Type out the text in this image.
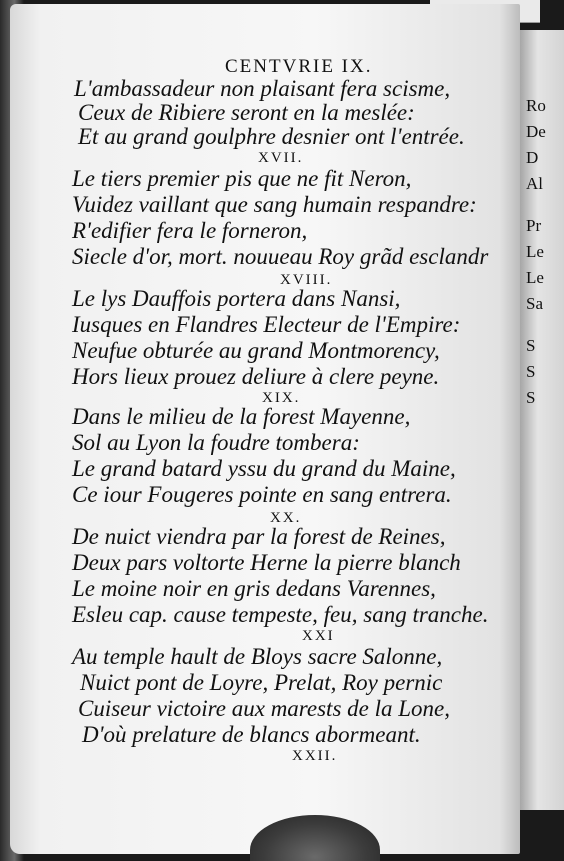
Ro
De
D
Al
Pr
Le
Le
Sa
S
S
S
CENTVRIE IX.
L'ambassadeur non plaisant fera scisme,
Ceux de Ribiere seront en la meslée:
Et au grand goulphre desnier ont l'entrée.
XVII.
Le tiers premier pis que ne fit Neron,
Vuidez vaillant que sang humain respandre:
R'edifier fera le forneron,
Siecle d'or, mort. nouueau Roy grãd esclandr
XVIII.
Le lys Dauffois portera dans Nansi,
Iusques en Flandres Electeur de l'Empire:
Neufue obturée au grand Montmorency,
Hors lieux prouez deliure à clere peyne.
XIX.
Dans le milieu de la forest Mayenne,
Sol au Lyon la foudre tombera:
Le grand batard yssu du grand du Maine,
Ce iour Fougeres pointe en sang entrera.
XX.
De nuict viendra par la forest de Reines,
Deux pars voltorte Herne la pierre blanch
Le moine noir en gris dedans Varennes,
Esleu cap. cause tempeste, feu, sang tranche.
XXI
Au temple hault de Bloys sacre Salonne,
Nuict pont de Loyre, Prelat, Roy pernic
Cuiseur victoire aux marests de la Lone,
D'où prelature de blancs abormeant.
XXII.
